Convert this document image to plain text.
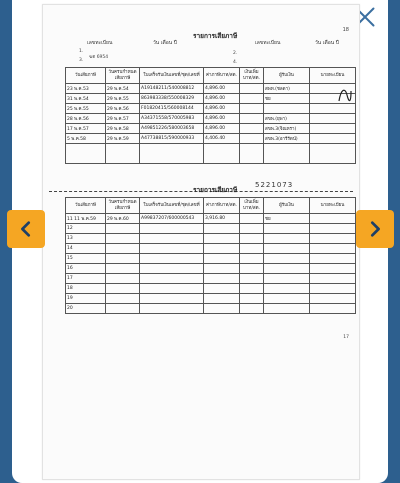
รายการเสียภาษี
18
เลขทะเบียน	วัน เดือน ปี	เลขทะเบียน	วัน เดือน ปี
1.
ฆต 6954
2.
3.	4.
วันเสียภาษี	วันครบกำหนดเสียภาษี	ใบเสร็จรับเงินเลขที่/ชุด/เลขที่	ค่าภาษีบาท/สต.	เงินเพิ่มบาท/สต.	ผู้รับเงิน	นายทะเบียน
23 พ.ค.53	29 พ.ค.54	A19148211/540008812	4,896.00		สพท.(ชลดา)	
31 พ.ค.54	29 พ.ค.55	863983338/550008329	4,896.00		ชย	
25 พ.ค.55	29 พ.ค.56	F01820415/560008144	4,896.00			
28 พ.ค.56	29 พ.ค.57	A34371558/570005983	4,896.00		สขพ.(ยุพา)	
17 พ.ค.57	29 พ.ค.58	A49851226/580003658	4,896.00		สขพ.3(จิณหรา)	
5 พ.ค.58	29 พ.ค.59	A47738815/590000933	4,406.40		สขพ.3(อารีรัตน์)	

5221073
รายการเสียภาษี
วันเสียภาษี	วันครบกำหนดเสียภาษี	ใบเสร็จรับเงินเลขที่/ชุด/เลขที่	ค่าภาษีบาท/สต.	เงินเพิ่มบาท/สต.	ผู้รับเงิน	นายทะเบียน
11 11 พ.ค.59	29 พ.ค.60	A99837207/600000543	3,916.80		ชย	
12						
13						
14						
15						
16						
17						
18						
19						
20						
17
